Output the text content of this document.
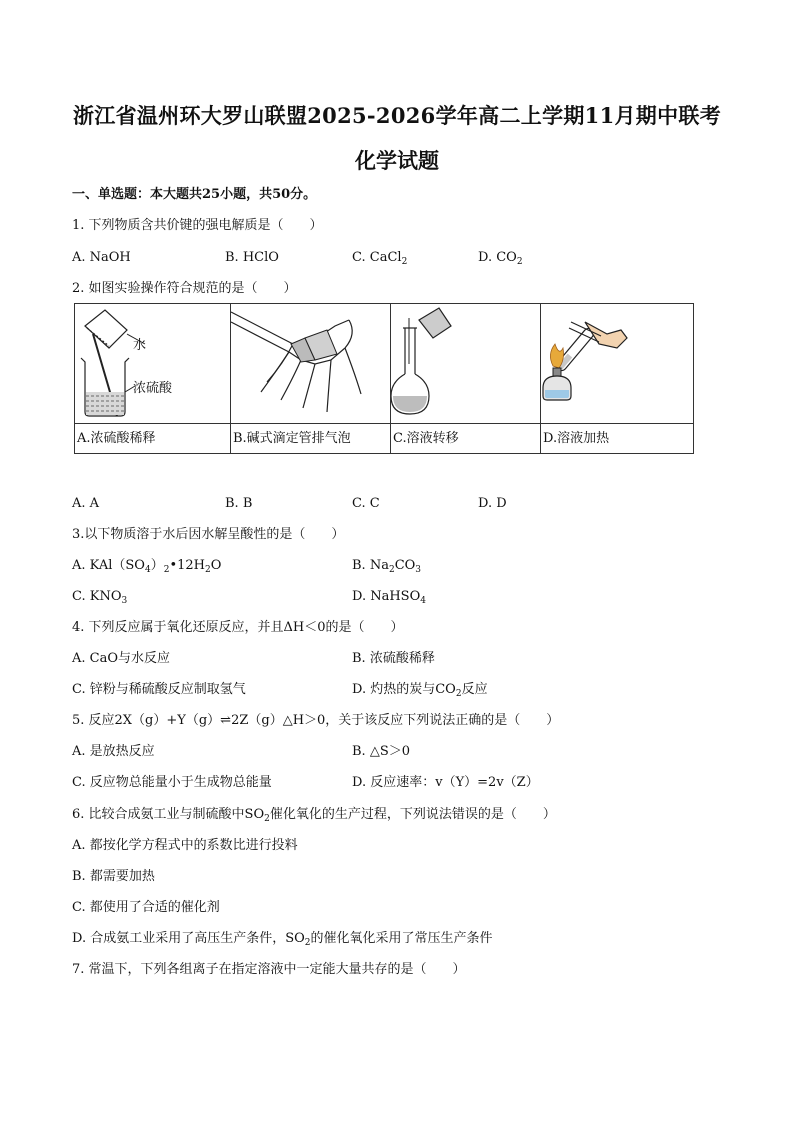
浙江省温州环大罗山联盟2025-2026学年高二上学期11月期中联考
化学试题
一、单选题：本大题共25小题，共50分。
1. 下列物质含共价键的强电解质是（　　）
A. NaOH	B. HClO	C. CaCl$_2$	D. $CO_2$
2. 如图实验操作符合规范的是（　　）
水
浓硫酸
A.浓硫酸稀释	B.碱式滴定管排气泡	C.溶液转移	D.溶液加热
A. A	B. B	C. C	D. D
3.以下物质溶于水后因水解呈酸性的是（　　）
A. $KAl(SO_4)_2•12H_2O$	B. $Na_2CO_3$
C. $KNO_3$	D. NaHSO$_4$
4. 下列反应属于氧化还原反应，并且ΔH＜0的是（　　）
A. CaO与水反应	B. 浓硫酸稀释
C. 锌粉与稀硫酸反应制取氢气	D. 灼热的炭与$CO_2$反应
5. 反应2X（g）+Y（g）⇌2Z（g）△H＞0，关于该反应下列说法正确的是（　　）
A. 是放热反应	B. △S＞0
C. 反应物总能量小于生成物总能量	D. 反应速率：v（Y）=2v（Z）
6. 比较合成氨工业与制硫酸中$SO_2$催化氧化的生产过程，下列说法错误的是（　　）
A. 都按化学方程式中的系数比进行投料
B. 都需要加热
C. 都使用了合适的催化剂
D. 合成氨工业采用了高压生产条件，$SO_2$的催化氧化采用了常压生产条件
7. 常温下，下列各组离子在指定溶液中一定能大量共存的是（　　）
